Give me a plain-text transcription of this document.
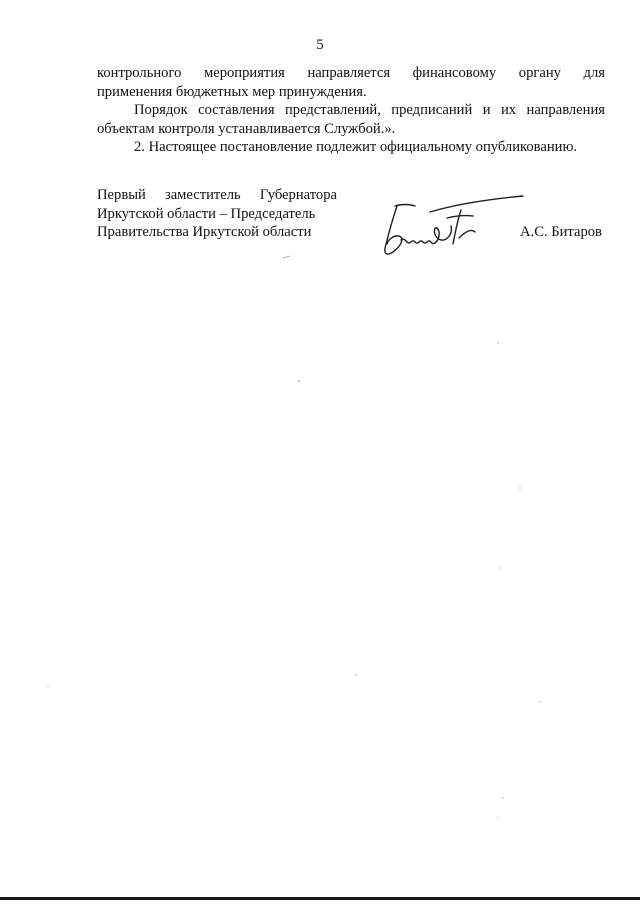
5
контрольного мероприятия направляется финансовому органу для

применения бюджетных мер принуждения.

Порядок составления представлений, предписаний и их направления объектам контроля устанавливается Службой.».

2. Настоящее постановление подлежит официальному опубликованию.

Первый заместитель Губернатора
Иркутской области – Председатель
Правительства Иркутской области	А.С. Битаров
